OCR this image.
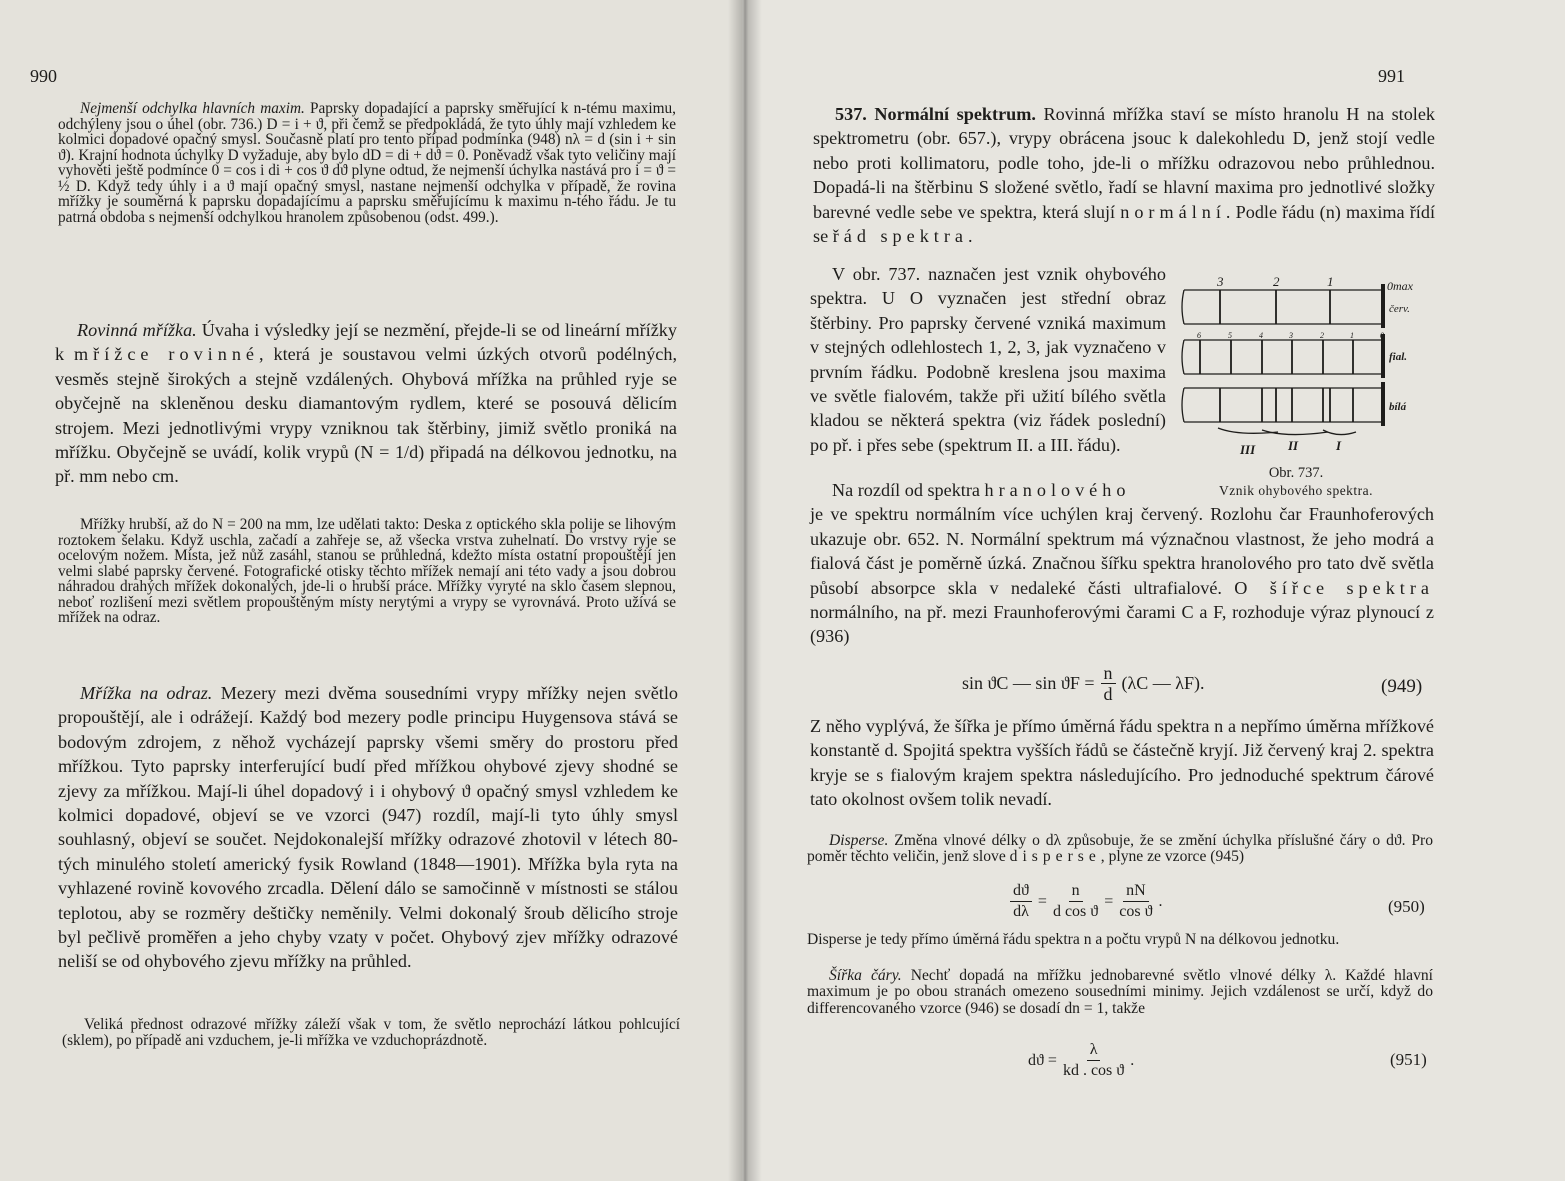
990	991

Nejmenší odchylka hlavních maxim. Paprsky dopadající a paprsky směřující k n-tému maximu, odchýleny jsou o úhel (obr. 736.) D = i + ϑ, při čemž se předpokládá, že tyto úhly mají vzhledem ke kolmici dopadové opačný smysl. Současně platí pro tento případ podmínka (948) nλ = d (sin i + sin ϑ). Krajní hodnota úchylky D vyžaduje, aby bylo dD = di + dϑ = 0. Poněvadž však tyto veličiny mají vyhověti ještě podmínce 0 = cos i di + cos ϑ dϑ plyne odtud, že nejmenší úchylka nastává pro i = ϑ = ½ D. Když tedy úhly i a ϑ mají opačný smysl, nastane nejmenší odchylka v případě, že rovina mřížky je souměrná k paprsku dopadajícímu a paprsku směřujícímu k maximu n-tého řádu. Je tu patrná obdoba s nejmenší odchylkou hranolem způsobenou (odst. 499.).

Rovinná mřížka. Úvaha i výsledky její se nezmění, přejde-li se od lineární mřížky k mřížce rovinné, která je soustavou velmi úzkých otvorů podélných, vesměs stejně širokých a stejně vzdálených. Ohybová mřížka na průhled ryje se obyčejně na skleněnou desku diamantovým rydlem, které se posouvá dělicím strojem. Mezi jednotlivými vrypy vzniknou tak štěrbiny, jimiž světlo proniká na mřížku. Obyčejně se uvádí, kolik vrypů (N = 1/d) připadá na délkovou jednotku, na př. mm nebo cm.

Mřížky hrubší, až do N = 200 na mm, lze udělati takto: Deska z optického skla polije se lihovým roztokem šelaku. Když uschla, začadí a zahřeje se, až všecka vrstva zuhelnatí. Do vrstvy ryje se ocelovým nožem. Místa, jež nůž zasáhl, stanou se průhledná, kdežto místa ostatní propouštějí jen velmi slabé paprsky červené. Fotografické otisky těchto mřížek nemají ani této vady a jsou dobrou náhradou drahých mřížek dokonalých, jde-li o hrubší práce. Mřížky vyryté na sklo časem slepnou, neboť rozlišení mezi světlem propouštěným místy nerytými a vrypy se vyrovnává. Proto užívá se mřížek na odraz.

Mřížka na odraz. Mezery mezi dvěma sousedními vrypy mřížky nejen světlo propouštějí, ale i odrážejí. Každý bod mezery podle principu Huygensova stává se bodovým zdrojem, z něhož vycházejí paprsky všemi směry do prostoru před mřížkou. Tyto paprsky interferující budí před mřížkou ohybové zjevy shodné se zjevy za mřížkou. Mají-li úhel dopadový i i ohybový ϑ opačný smysl vzhledem ke kolmici dopadové, objeví se ve vzorci (947) rozdíl, mají-li tyto úhly smysl souhlasný, objeví se součet. Nejdokonalejší mřížky odrazové zhotovil v létech 80-tých minulého století americký fysik Rowland (1848—1901). Mřížka byla ryta na vyhlazené rovině kovového zrcadla. Dělení dálo se samočinně v místnosti se stálou teplotou, aby se rozměry deštičky neměnily. Velmi dokonalý šroub dělicího stroje byl pečlivě proměřen a jeho chyby vzaty v počet. Ohybový zjev mřížky odrazové neliší se od ohybového zjevu mřížky na průhled.

Veliká přednost odrazové mřížky záleží však v tom, že světlo neprochází látkou pohlcující (sklem), po případě ani vzduchem, je-li mřížka ve vzduchoprázdnotě.

537. Normální spektrum. Rovinná mřížka staví se místo hranolu H na stolek spektrometru (obr. 657.), vrypy obrácena jsouc k dalekohledu D, jenž stojí vedle nebo proti kollimatoru, podle toho, jde-li o mřížku odrazovou nebo průhlednou. Dopadá-li na štěrbinu S složené světlo, řadí se hlavní maxima pro jednotlivé složky barevné vedle sebe ve spektra, která slují normální. Podle řádu (n) maxima řídí se řád spektra.

V obr. 737. naznačen jest vznik ohybového spektra. U O vyznačen jest střední obraz štěrbiny. Pro paprsky červené vzniká maximum v stejných odlehlostech 1, 2, 3, jak vyznačeno v prvním řádku. Podobně kreslena jsou maxima ve světle fialovém, takže při užití bílého světla kladou se některá spektra (viz řádek poslední) po př. i přes sebe (spektrum II. a III. řádu).

Na rozdíl od spektra hranolového

je ve spektru normálním více uchýlen kraj červený. Rozlohu čar Fraunhoferových ukazuje obr. 652. N. Normální spektrum má význačnou vlastnost, že jeho modrá a fialová část je poměrně úzká. Značnou šířku spektra hranolového pro tato dvě světla působí absorpce skla v nedaleké části ultrafialové. O šířce spektra normálního, na př. mezi Fraunhoferovými čarami C a F, rozhoduje výraz plynoucí z (936)

sin ϑC — $\sin ϑF = \frac{n}{d} (\lambda C$ — λF).	(949)

Z něho vyplývá, že šířka je přímo úměrná řádu spektra n a nepřímo úměrna mřížkové konstantě d. Spojitá spektra vyšších řádů se částečně kryjí. Již červený kraj 2. spektra kryje se s fialovým krajem spektra následujícího. Pro jednoduché spektrum čárové tato okolnost ovšem tolik nevadí.

Disperse. Změna vlnové délky o dλ způsobuje, že se změní úchylka příslušné čáry o dϑ. Pro poměr těchto veličin, jenž slove disperse, plyne ze vzorce (945)

$\frac{dϑ}{d\lambda} = \frac{n}{\text{d cos ϑ}} = \frac{nN}{\text{cos ϑ}}$ .	(950)

Disperse je tedy přímo úměrná řádu spektra n a počtu vrypů N na délkovou jednotku.

Šířka čáry. Nechť dopadá na mřížku jednobarevné světlo vlnové délky λ. Každé hlavní maximum je po obou stranách omezeno sousedními minimy. Jejich vzdálenost se určí, když do differencovaného vzorce (946) se dosadí dn = 1, takže

$dϑ = \frac{\lambda}{\text{kd . cos ϑ}}$ .	(951)
3	2	1	0max
červ.
6	5	4	3	2	1	0
fial.
bílá
III	II	I
Obr. 737.
Vznik ohybového spektra.
